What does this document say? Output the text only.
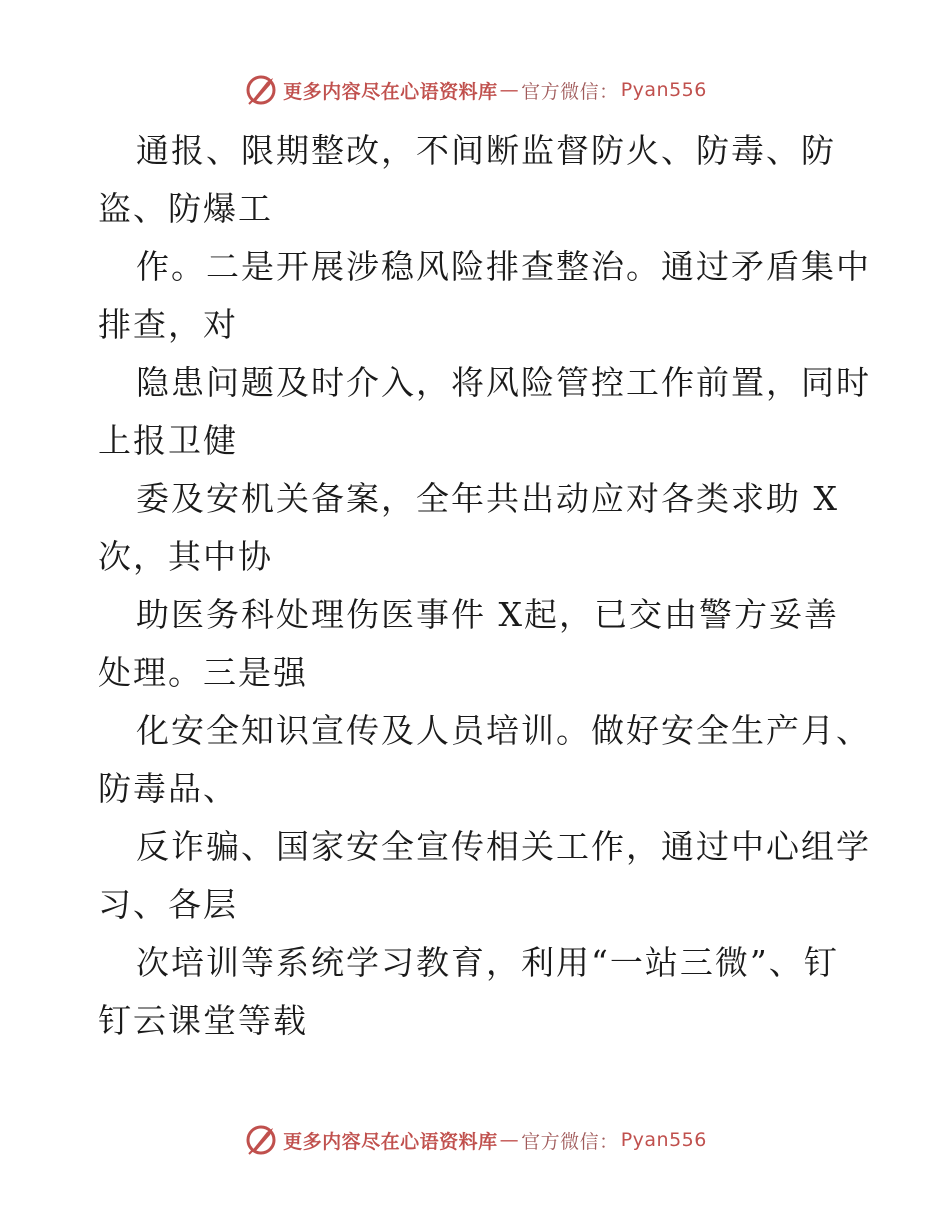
更多内容尽在心语资料库 — 官方微信： Pyan556

通报、限期整改，不间断监督防火、防毒、防
盗、防爆工

作。二是开展涉稳风险排查整治。通过矛盾集中
排查，对

隐患问题及时介入，将风险管控工作前置，同时
上报卫健

委及安机关备案，全年共出动应对各类求助 X
次，其中协

助医务科处理伤医事件 X起，已交由警方妥善
处理。三是强

化安全知识宣传及人员培训。做好安全生产月、
防毒品、

反诈骗、国家安全宣传相关工作，通过中心组学
习、各层

次培训等系统学习教育，利用“一站三微”、钉
钉云课堂等载

更多内容尽在心语资料库 — 官方微信： Pyan556
